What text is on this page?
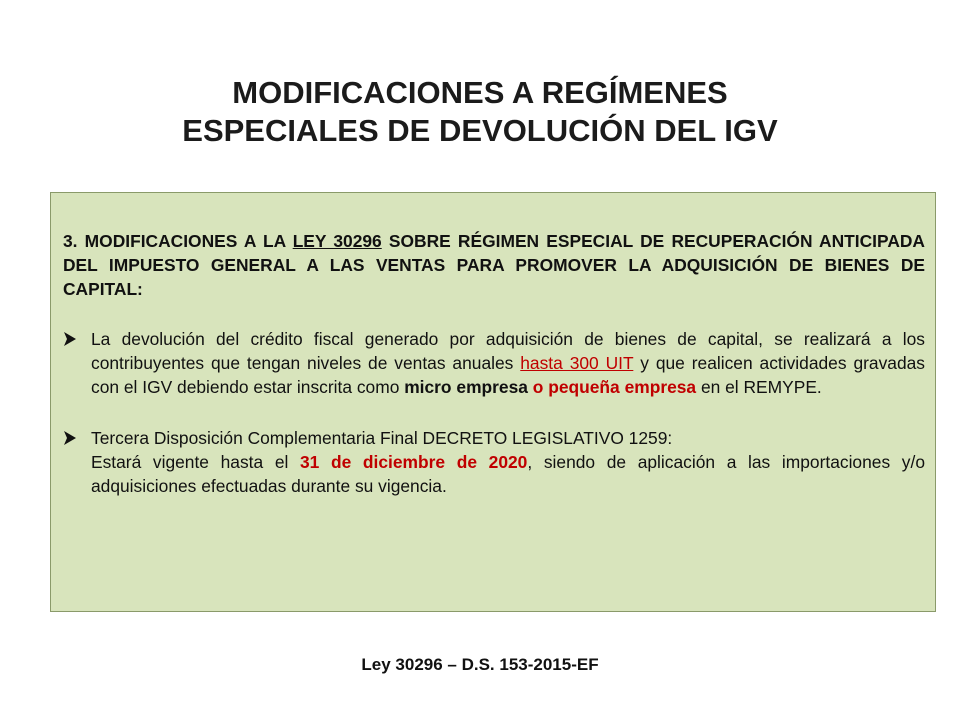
MODIFICACIONES A REGÍMENES
ESPECIALES DE DEVOLUCIÓN DEL IGV

3. MODIFICACIONES A LA LEY 30296 SOBRE RÉGIMEN ESPECIAL DE RECUPERACIÓN ANTICIPADA DEL IMPUESTO GENERAL A LAS VENTAS PARA PROMOVER LA ADQUISICIÓN DE BIENES DE CAPITAL:

La devolución del crédito fiscal generado por adquisición de bienes de capital, se realizará a los contribuyentes que tengan niveles de ventas anuales hasta 300 UIT y que realicen actividades gravadas con el IGV debiendo estar inscrita como micro empresa o pequeña empresa en el REMYPE.

Tercera Disposición Complementaria Final DECRETO LEGISLATIVO 1259:
Estará vigente hasta el 31 de diciembre de 2020, siendo de aplicación a las importaciones y/o adquisiciones efectuadas durante su vigencia.

Ley 30296 – D.S. 153-2015-EF
